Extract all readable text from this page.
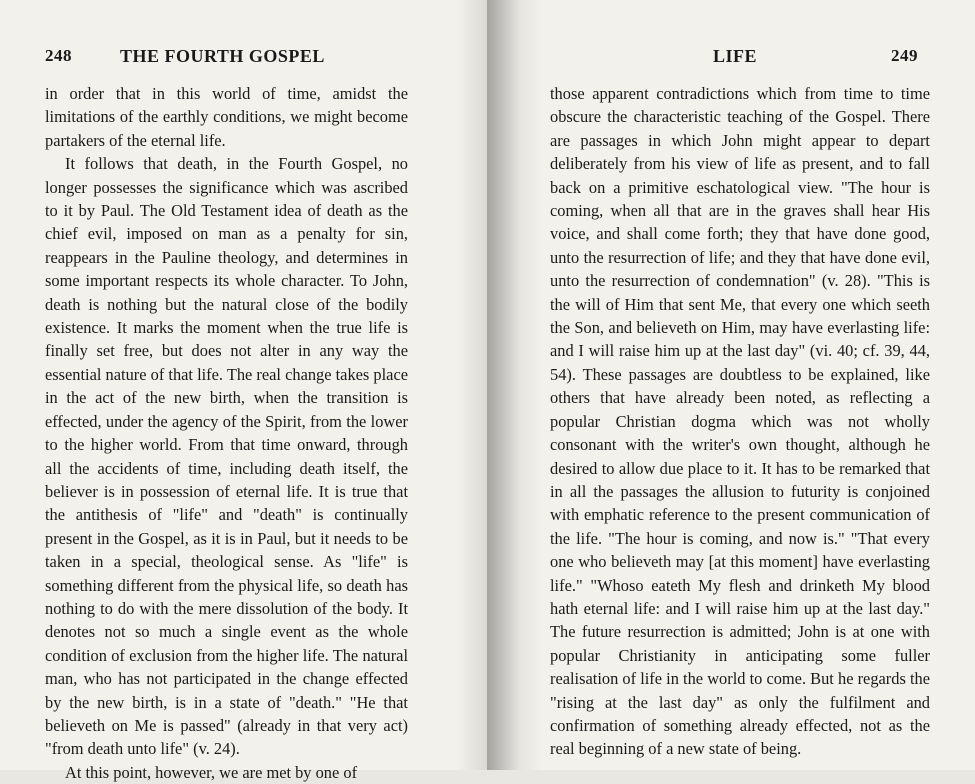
248	THE FOURTH GOSPEL

in order that in this world of time, amidst the limitations of the earthly conditions, we might become partakers of the eternal life.

It follows that death, in the Fourth Gospel, no longer possesses the significance which was ascribed to it by Paul. The Old Testament idea of death as the chief evil, imposed on man as a penalty for sin, reappears in the Pauline theology, and determines in some important respects its whole character. To John, death is nothing but the natural close of the bodily existence. It marks the moment when the true life is finally set free, but does not alter in any way the essential nature of that life. The real change takes place in the act of the new birth, when the transition is effected, under the agency of the Spirit, from the lower to the higher world. From that time onward, through all the accidents of time, including death itself, the believer is in possession of eternal life. It is true that the antithesis of "life" and "death" is continually present in the Gospel, as it is in Paul, but it needs to be taken in a special, theological sense. As "life" is something different from the physical life, so death has nothing to do with the mere dissolution of the body. It denotes not so much a single event as the whole condition of exclusion from the higher life. The natural man, who has not participated in the change effected by the new birth, is in a state of "death." "He that believeth on Me is passed" (already in that very act) "from death unto life" (v. 24).

At this point, however, we are met by one of

LIFE	249

those apparent contradictions which from time to time obscure the characteristic teaching of the Gospel. There are passages in which John might appear to depart deliberately from his view of life as present, and to fall back on a primitive eschatological view. "The hour is coming, when all that are in the graves shall hear His voice, and shall come forth; they that have done good, unto the resurrection of life; and they that have done evil, unto the resurrection of condemnation" (v. 28). "This is the will of Him that sent Me, that every one which seeth the Son, and believeth on Him, may have everlasting life: and I will raise him up at the last day" (vi. 40; cf. 39, 44, 54). These passages are doubtless to be explained, like others that have already been noted, as reflecting a popular Christian dogma which was not wholly consonant with the writer's own thought, although he desired to allow due place to it. It has to be remarked that in all the passages the allusion to futurity is conjoined with emphatic reference to the present communication of the life. "The hour is coming, and now is." "That every one who believeth may [at this moment] have everlasting life." "Whoso eateth My flesh and drinketh My blood hath eternal life: and I will raise him up at the last day." The future resurrection is admitted; John is at one with popular Christianity in anticipating some fuller realisation of life in the world to come. But he regards the "rising at the last day" as only the fulfilment and confirmation of something already effected, not as the real beginning of a new state of being.
